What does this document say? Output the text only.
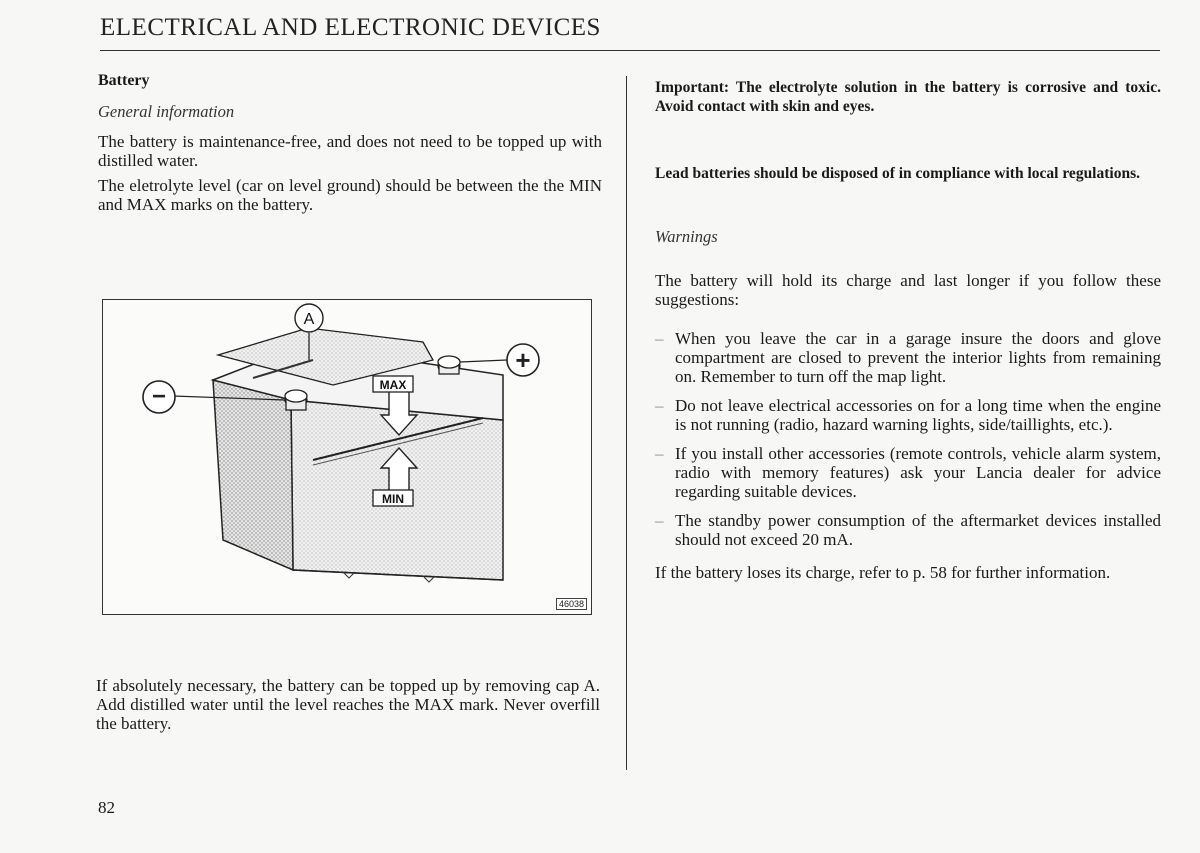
ELECTRICAL AND ELECTRONIC DEVICES
Battery
General information

The battery is maintenance-free, and does not need to be topped up with distilled water.

The eletrolyte level (car on level ground) should be between the the MIN and MAX marks on the battery.

MAX
MIN
A
−
+
46038

If absolutely necessary, the battery can be topped up by removing cap A. Add distilled water until the level reaches the MAX mark. Never overfill the battery.

Important: The electrolyte solution in the battery is corrosive and toxic. Avoid contact with skin and eyes.

Lead batteries should be disposed of in compliance with local regulations.

Warnings

The battery will hold its charge and last longer if you follow these suggestions:

– When you leave the car in a garage insure the doors and glove compartment are closed to prevent the interior lights from remaining on. Remember to turn off the map light.
– Do not leave electrical accessories on for a long time when the engine is not running (radio, hazard warning lights, side/taillights, etc.).
– If you install other accessories (remote controls, vehicle alarm system, radio with memory features) ask your Lancia dealer for advice regarding suitable devices.
– The standby power consumption of the aftermarket devices installed should not exceed 20 mA.

If the battery loses its charge, refer to p. 58 for further information.

82
